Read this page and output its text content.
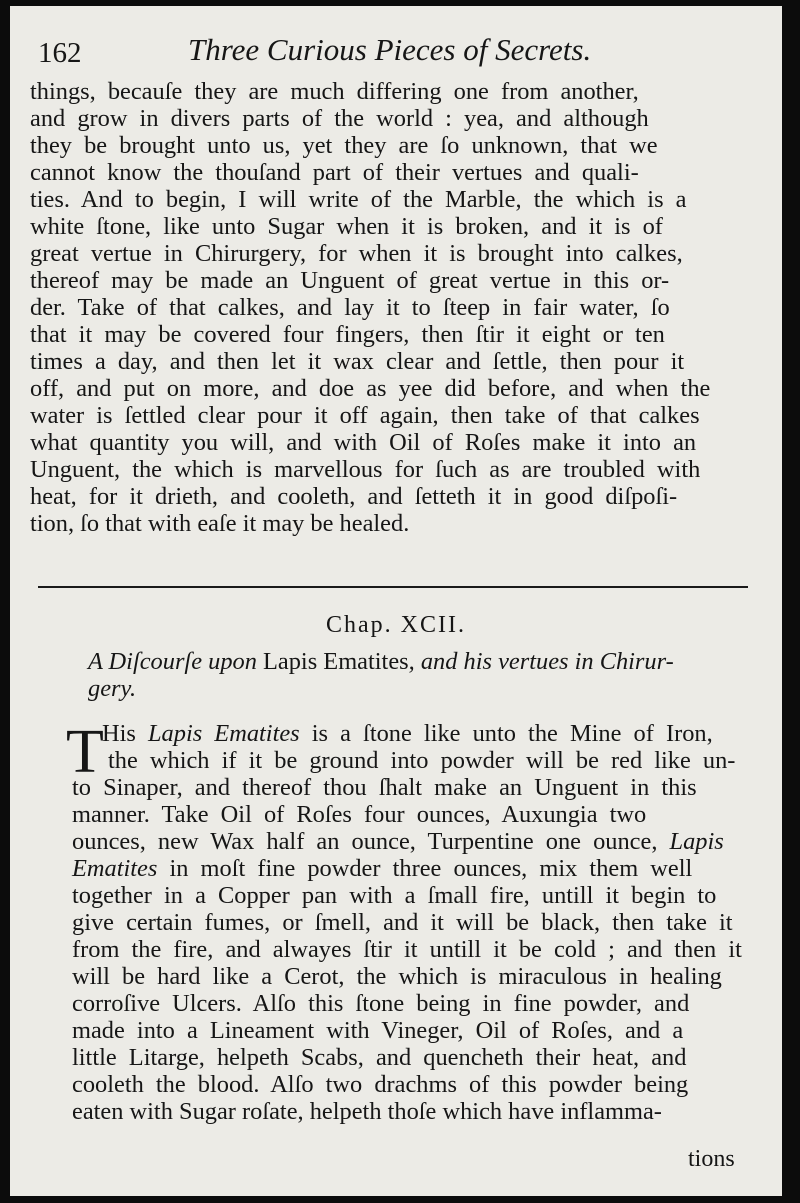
162	Three Curious Pieces of Secrets.
things, becauſe they are much differing one from another,
and grow in divers parts of the world : yea, and although
they be brought unto us, yet they are ſo unknown, that we
cannot know the thouſand part of their vertues and quali-
ties. And to begin, I will write of the Marble, the which is a
white ſtone, like unto Sugar when it is broken, and it is of
great vertue in Chirurgery, for when it is brought into calkes,
thereof may be made an Unguent of great vertue in this or-
der. Take of that calkes, and lay it to ſteep in fair water, ſo
that it may be covered four fingers, then ſtir it eight or ten
times a day, and then let it wax clear and ſettle, then pour it
off, and put on more, and doe as yee did before, and when the
water is ſettled clear pour it off again, then take of that calkes
what quantity you will, and with Oil of Roſes make it into an
Unguent, the which is marvellous for ſuch as are troubled with
heat, for it drieth, and cooleth, and ſetteth it in good diſpoſi-
tion, ſo that with eaſe it may be healed.
Chap. XCII.
A Diſcourſe upon Lapis Ematites, and his vertues in Chirur-
gery.
T
His Lapis Ematites is a ſtone like unto the Mine of Iron,
the which if it be ground into powder will be red like un-
to Sinaper, and thereof thou ſhalt make an Unguent in this
manner. Take Oil of Roſes four ounces, Auxungia two
ounces, new Wax half an ounce, Turpentine one ounce, Lapis
Ematites in moſt fine powder three ounces, mix them well
together in a Copper pan with a ſmall fire, untill it begin to
give certain fumes, or ſmell, and it will be black, then take it
from the fire, and alwayes ſtir it untill it be cold ; and then it
will be hard like a Cerot, the which is miraculous in healing
corroſive Ulcers. Alſo this ſtone being in fine powder, and
made into a Lineament with Vineger, Oil of Roſes, and a
little Litarge, helpeth Scabs, and quencheth their heat, and
cooleth the blood. Alſo two drachms of this powder being
eaten with Sugar roſate, helpeth thoſe which have inflamma-
tions
